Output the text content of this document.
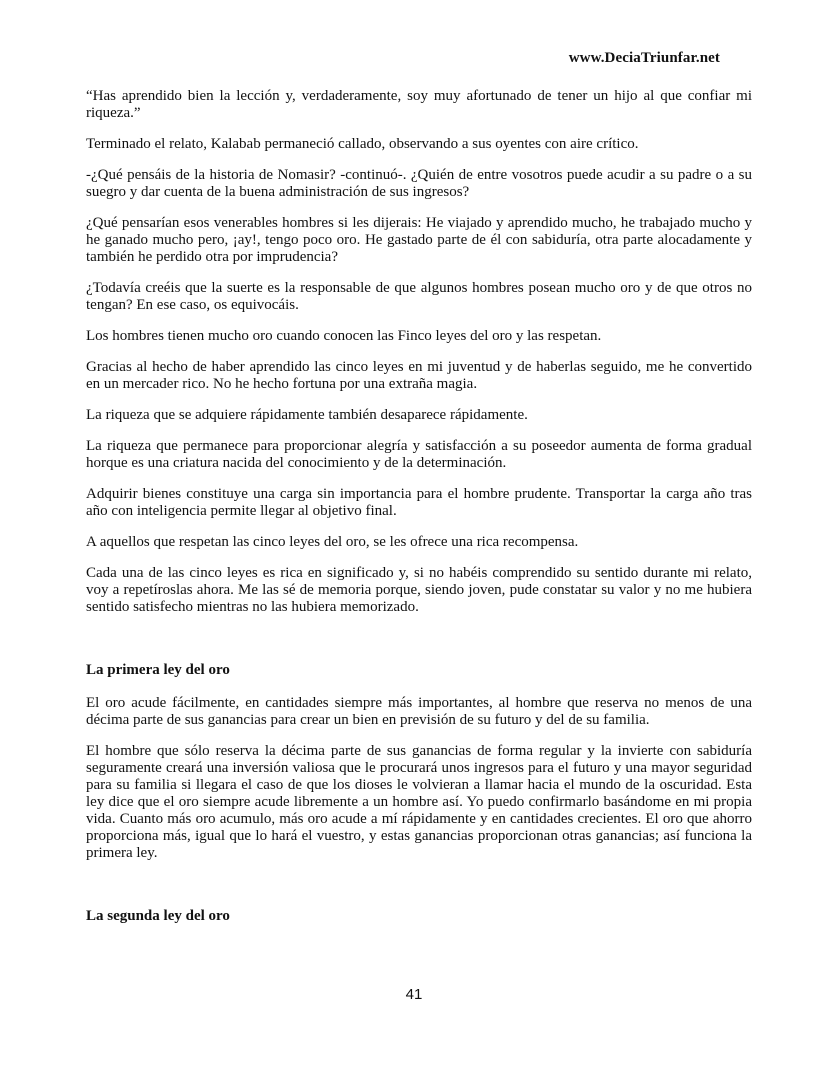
www.DeciaTriunfar.net

“Has aprendido bien la lección y, verdaderamente, soy muy afortunado de tener un hijo al que confiar mi riqueza.”

Terminado el relato, Kalabab permaneció callado, observando a sus oyentes con aire crítico.

-¿Qué pensáis de la historia de Nomasir? -continuó-. ¿Quién de entre vosotros puede acudir a su padre o a su suegro y dar cuenta de la buena administración de sus ingresos?

¿Qué pensarían esos venerables hombres si les dijerais: He viajado y aprendido mucho, he trabajado mucho y he ganado mucho pero, ¡ay!, tengo poco oro. He gastado parte de él con sabiduría, otra parte alocadamente y también he perdido otra por imprudencia?

¿Todavía creéis que la suerte es la responsable de que algunos hombres posean mucho oro y de que otros no tengan? En ese caso, os equivocáis.

Los hombres tienen mucho oro cuando conocen las Finco leyes del oro y las respetan.

Gracias al hecho de haber aprendido las cinco leyes en mi juventud y de haberlas seguido, me he convertido en un mercader rico. No he hecho fortuna por una extraña magia.

La riqueza que se adquiere rápidamente también desaparece rápidamente.

La riqueza que permanece para proporcionar alegría y satisfacción a su poseedor aumenta de forma gradual horque es una criatura nacida del conocimiento y de la determinación.

Adquirir bienes constituye una carga sin importancia para el hombre prudente. Transportar la carga año tras año con inteligencia permite llegar al objetivo final.

A aquellos que respetan las cinco leyes del oro, se les ofrece una rica recompensa.

Cada una de las cinco leyes es rica en significado y, si no habéis comprendido su sentido durante mi relato, voy a repetíroslas ahora. Me las sé de memoria porque, siendo joven, pude constatar su valor y no me hubiera sentido satisfecho mientras no las hubiera memorizado.

La primera ley del oro

El oro acude fácilmente, en cantidades siempre más importantes, al hombre que reserva no menos de una décima parte de sus ganancias para crear un bien en previsión de su futuro y del de su familia.

El hombre que sólo reserva la décima parte de sus ganancias de forma regular y la invierte con sabiduría seguramente creará una inversión valiosa que le procurará unos ingresos para el futuro y una mayor seguridad para su familia si llegara el caso de que los dioses le volvieran a llamar hacia el mundo de la oscuridad. Esta ley dice que el oro siempre acude libremente a un hombre así. Yo puedo confirmarlo basándome en mi propia vida. Cuanto más oro acumulo, más oro acude a mí rápidamente y en cantidades crecientes. El oro que ahorro proporciona más, igual que lo hará el vuestro, y estas ganancias proporcionan otras ganancias; así funciona la primera ley.

La segunda ley del oro
41
